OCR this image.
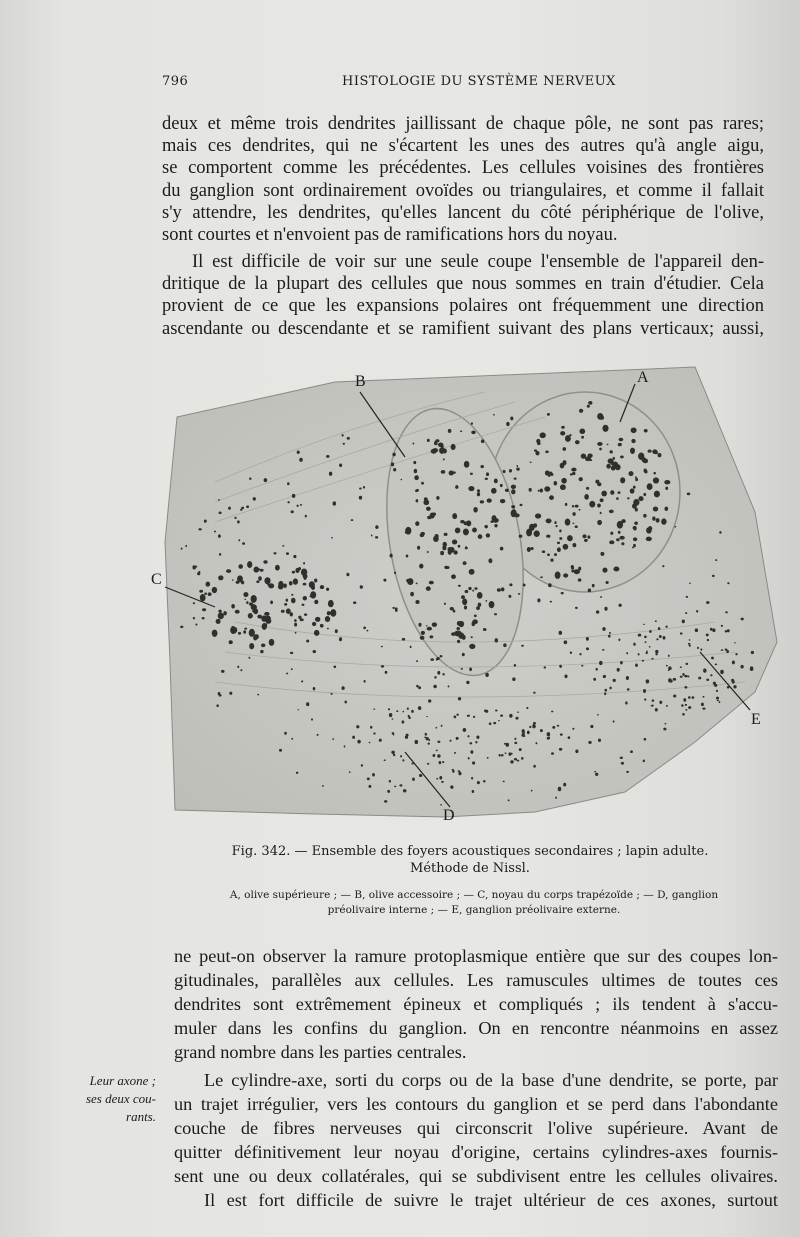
796	HISTOLOGIE DU SYSTÈME NERVEUX
deux et même trois dendrites jaillissant de chaque pôle, ne sont pas rares;
mais ces dendrites, qui ne s'écartent les unes des autres qu'à angle aigu,
se comportent comme les précédentes. Les cellules voisines des frontières
du ganglion sont ordinairement ovoïdes ou triangulaires, et comme il fallait
s'y attendre, les dendrites, qu'elles lancent du côté périphérique de l'olive,
sont courtes et n'envoient pas de ramifications hors du noyau.
Il est difficile de voir sur une seule coupe l'ensemble de l'appareil den-
dritique de la plupart des cellules que nous sommes en train d'étudier. Cela
provient de ce que les expansions polaires ont fréquemment une direction
ascendante ou descendante et se ramifient suivant des plans verticaux; aussi,
A
B
C
D
E
Fig. 342. — Ensemble des foyers acoustiques secondaires ; lapin adulte.
Méthode de Nissl.
A, olive supérieure ; — B, olive accessoire ; — C, noyau du corps trapézoïde ; — D, ganglion
préolivaire interne ; — E, ganglion préolivaire externe.
ne peut-on observer la ramure protoplasmique entière que sur des coupes lon-
gitudinales, parallèles aux cellules. Les ramuscules ultimes de toutes ces
dendrites sont extrêmement épineux et compliqués ; ils tendent à s'accu-
muler dans les confins du ganglion. On en rencontre néanmoins en assez
grand nombre dans les parties centrales.
Leur axone ;
ses deux cou-
rants.
Le cylindre-axe, sorti du corps ou de la base d'une dendrite, se porte, par
un trajet irrégulier, vers les contours du ganglion et se perd dans l'abondante
couche de fibres nerveuses qui circonscrit l'olive supérieure. Avant de
quitter définitivement leur noyau d'origine, certains cylindres-axes fournis-
sent une ou deux collatérales, qui se subdivisent entre les cellules olivaires.
Il est fort difficile de suivre le trajet ultérieur de ces axones, surtout
